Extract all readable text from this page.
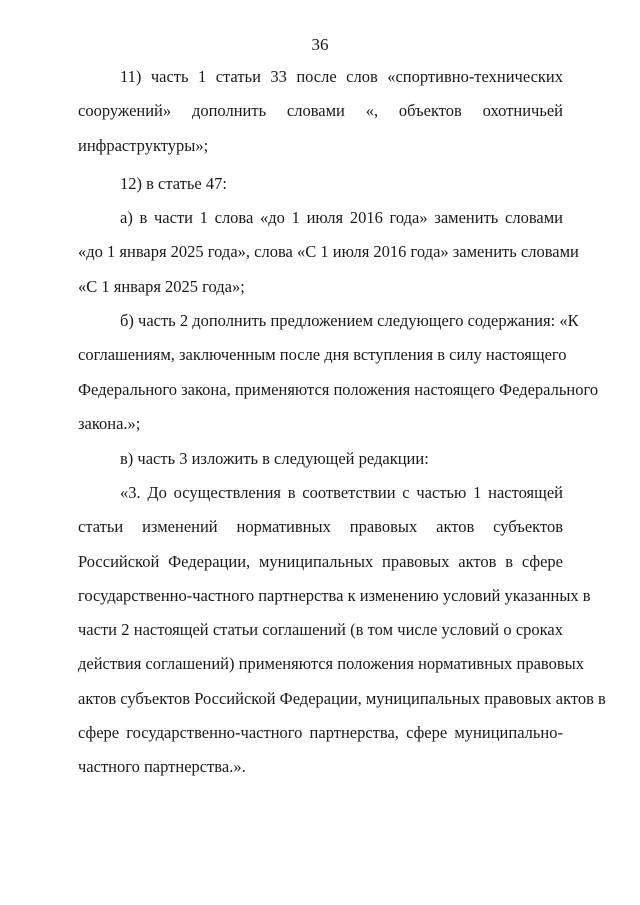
36
11) часть 1 статьи 33 после слов «спортивно-технических
сооружений» дополнить словами «, объектов охотничьей
инфраструктуры»;
12) в статье 47:
а) в части 1 слова «до 1 июля 2016 года» заменить словами
«до 1 января 2025 года», слова «С 1 июля 2016 года» заменить словами
«С 1 января 2025 года»;
б) часть 2 дополнить предложением следующего содержания: «К
соглашениям, заключенным после дня вступления в силу настоящего
Федерального закона, применяются положения настоящего Федерального
закона.»;
в) часть 3 изложить в следующей редакции:
«3. До осуществления в соответствии с частью 1 настоящей
статьи изменений нормативных правовых актов субъектов
Российской Федерации, муниципальных правовых актов в сфере
государственно-частного партнерства к изменению условий указанных в
части 2 настоящей статьи соглашений (в том числе условий о сроках
действия соглашений) применяются положения нормативных правовых
актов субъектов Российской Федерации, муниципальных правовых актов в
сфере государственно-частного партнерства, сфере муниципально-
частного партнерства.».
